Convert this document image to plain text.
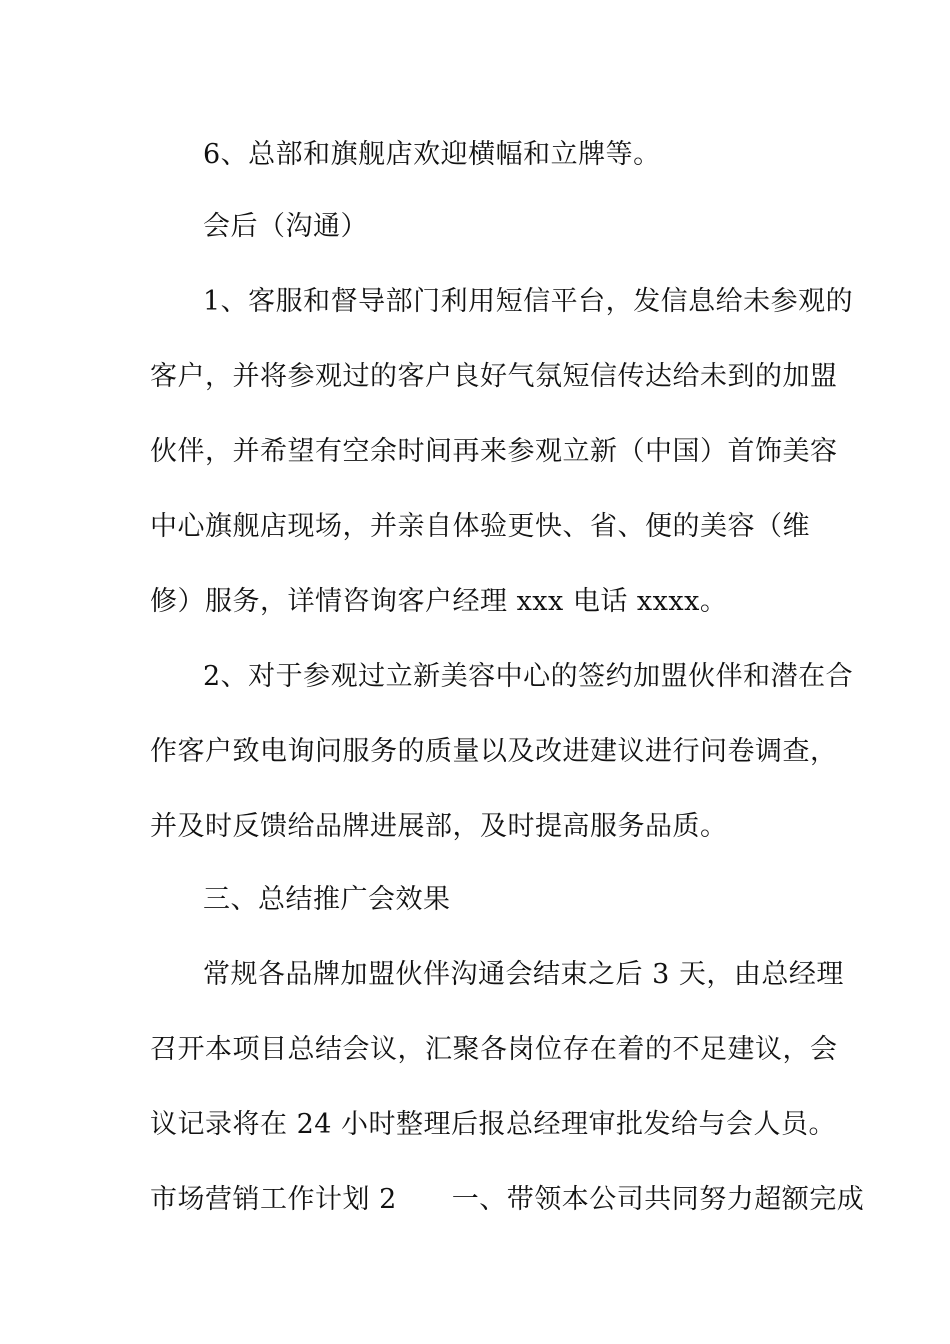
6、总部和旗舰店欢迎横幅和立牌等。
会后（沟通）
1、客服和督导部门利用短信平台，发信息给未参观的
客户，并将参观过的客户良好气氛短信传达给未到的加盟
伙伴，并希望有空余时间再来参观立新（中国）首饰美容
中心旗舰店现场，并亲自体验更快、省、便的美容（维
修）服务，详情咨询客户经理 xxx 电话 xxxx。
2、对于参观过立新美容中心的签约加盟伙伴和潜在合
作客户致电询问服务的质量以及改进建议进行问卷调查，
并及时反馈给品牌进展部，及时提高服务品质。
三、总结推广会效果
常规各品牌加盟伙伴沟通会结束之后 3 天，由总经理
召开本项目总结会议，汇聚各岗位存在着的不足建议，会
议记录将在 24 小时整理后报总经理审批发给与会人员。
市场营销工作计划 2　　一、带领本公司共同努力超额完成
